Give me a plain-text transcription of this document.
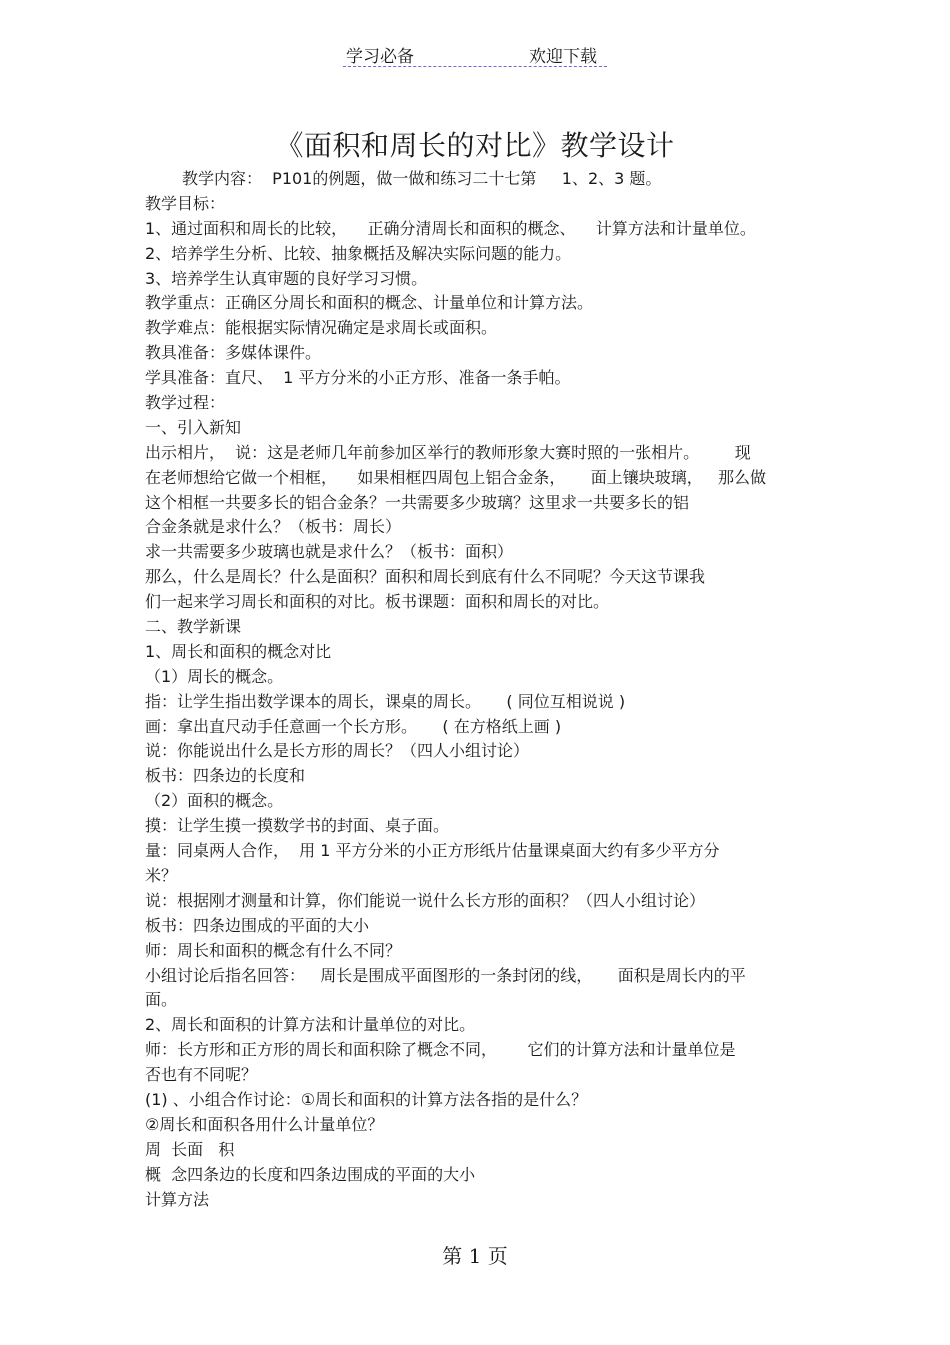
学习必备	欢迎下载
《面积和周长的对比》教学设计
教学内容：  P101的例题，做一做和练习二十七第     1、2、3 题。
教学目标：
1、通过面积和周长的比较，    正确分清周长和面积的概念、    计算方法和计量单位。
2、培养学生分析、比较、抽象概括及解决实际问题的能力。
3、培养学生认真审题的良好学习习惯。
教学重点：正确区分周长和面积的概念、计量单位和计算方法。
教学难点：能根据实际情况确定是求周长或面积。
教具准备：多媒体课件。
学具准备：直尺、  1 平方分米的小正方形、准备一条手帕。
教学过程：
一、引入新知
出示相片，  说：这是老师几年前参加区举行的教师形象大赛时照的一张相片。       现
在老师想给它做一个相框，    如果相框四周包上铝合金条，     面上镶块玻璃，   那么做
这个相框一共要多长的铝合金条？一共需要多少玻璃？这里求一共要多长的铝
合金条就是求什么？（板书：周长）
求一共需要多少玻璃也就是求什么？（板书：面积）
那么，什么是周长？什么是面积？面积和周长到底有什么不同呢？今天这节课我
们一起来学习周长和面积的对比。板书课题：面积和周长的对比。
二、教学新课
1、周长和面积的概念对比
（1）周长的概念。
指：让学生指出数学课本的周长，课桌的周长。     ( 同位互相说说 )
画：拿出直尺动手任意画一个长方形。     ( 在方格纸上画 )
说：你能说出什么是长方形的周长？（四人小组讨论）
板书：四条边的长度和
（2）面积的概念。
摸：让学生摸一摸数学书的封面、桌子面。
量：同桌两人合作，  用 1 平方分米的小正方形纸片估量课桌面大约有多少平方分
米？
说：根据刚才测量和计算，你们能说一说什么长方形的面积？（四人小组讨论）
板书：四条边围成的平面的大小
师：周长和面积的概念有什么不同？
小组讨论后指名回答：   周长是围成平面图形的一条封闭的线，     面积是周长内的平
面。
2、周长和面积的计算方法和计量单位的对比。
师：长方形和正方形的周长和面积除了概念不同，      它们的计算方法和计量单位是
否也有不同呢？
(1) 、小组合作讨论：①周长和面积的计算方法各指的是什么？
②周长和面积各用什么计量单位？
周  长面   积
概  念四条边的长度和四条边围成的平面的大小
计算方法
第 1 页
